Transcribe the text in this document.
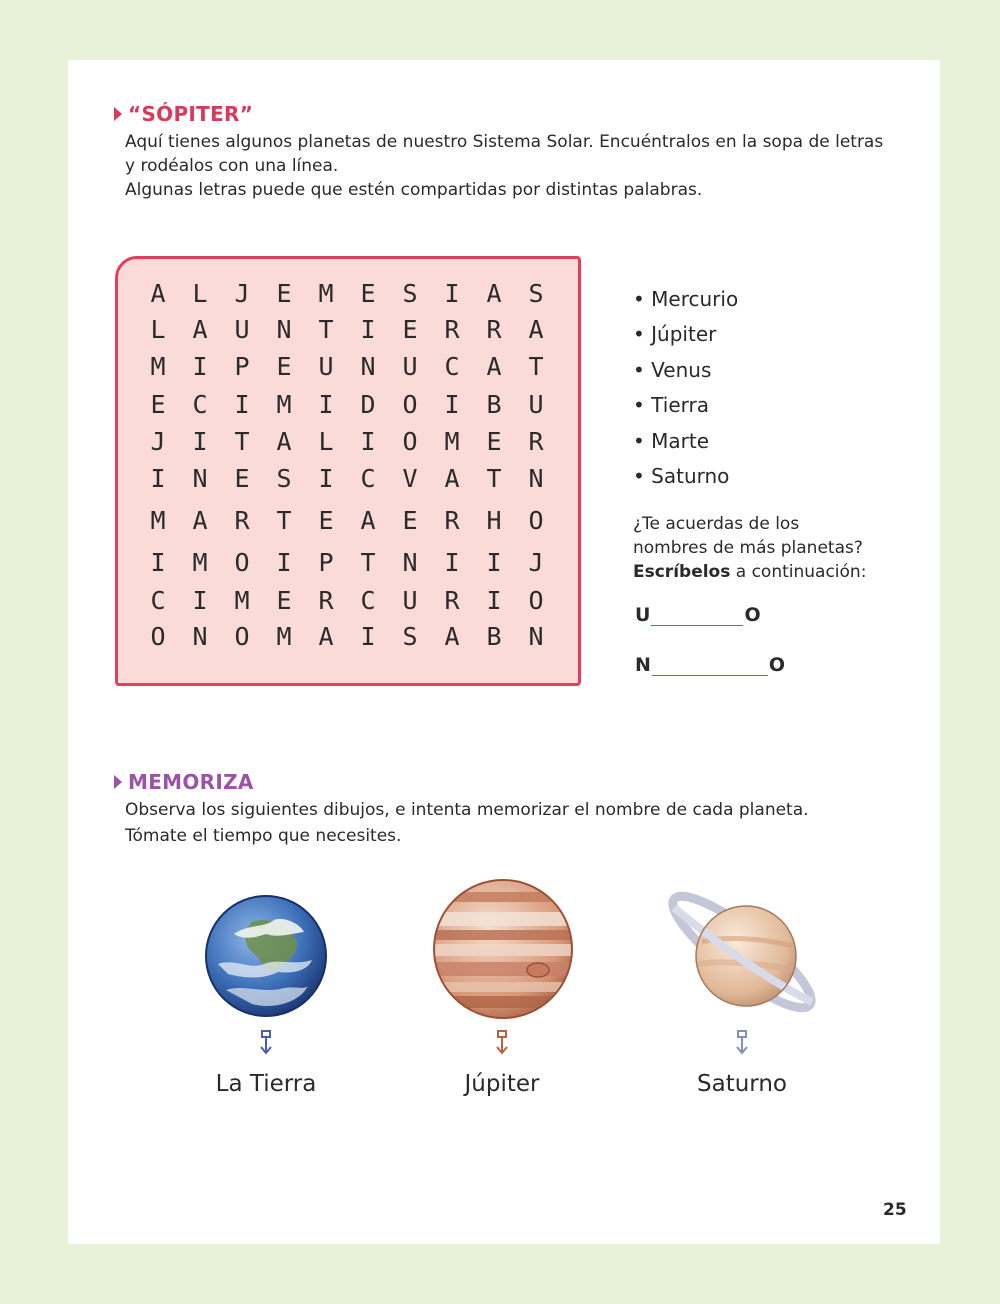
“SÓPITER”
Aquí tienes algunos planetas de nuestro Sistema Solar. Encuéntralos en la sopa de letras
y rodéalos con una línea.
Algunas letras puede que estén compartidas por distintas palabras.
A	L	J	E	M	E	S	I	A	S
L	A	U	N	T	I	E	R	R	A
M	I	P	E	U	N	U	C	A	T
E	C	I	M	I	D	O	I	B	U
J	I	T	A	L	I	O	M	E	R
I	N	E	S	I	C	V	A	T	N
M	A	R	T	E	A	E	R	H	O
I	M	O	I	P	T	N	I	I	J
C	I	M	E	R	C	U	R	I	O
O	N	O	M	A	I	S	A	B	N
• Mercurio
• Júpiter
• Venus
• Tierra
• Marte
• Saturno
¿Te acuerdas de los
nombres de más planetas?
Escríbelos a continuación:
U	O
N	O
MEMORIZA
Observa los siguientes dibujos, e intenta memorizar el nombre de cada planeta.
Tómate el tiempo que necesites.
La Tierra	Júpiter	Saturno
25
